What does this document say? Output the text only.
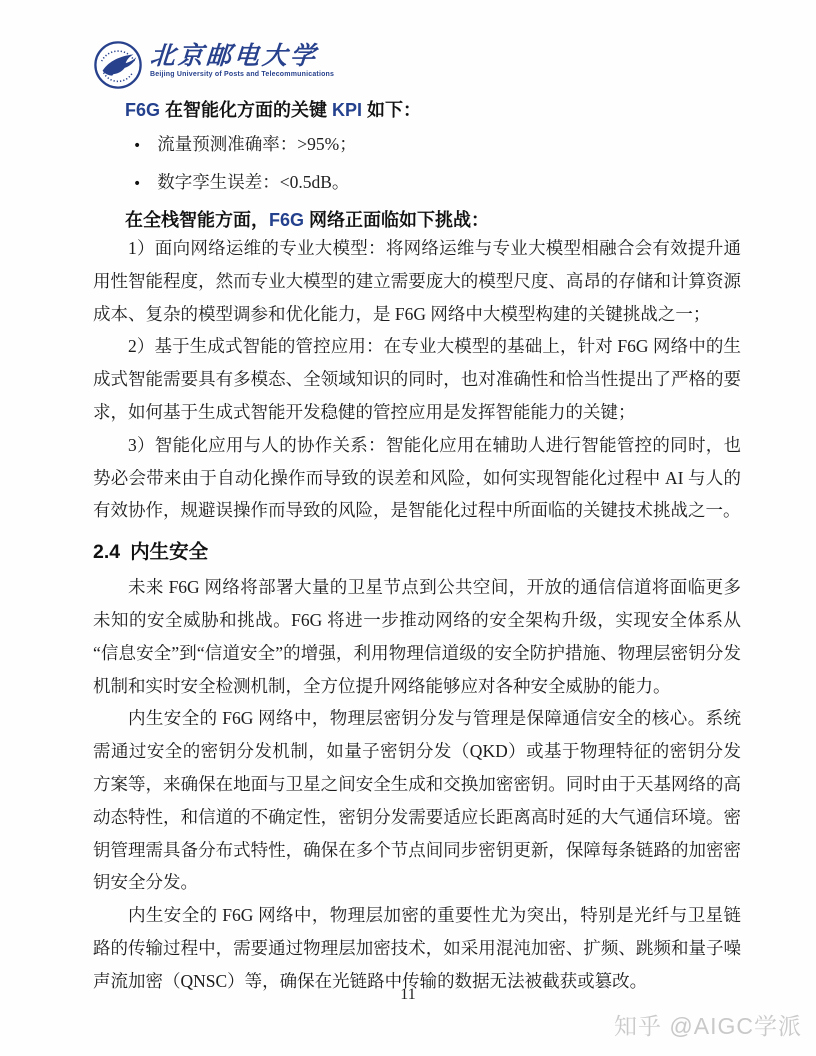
北京邮电大学
Beijing University of Posts and Telecommunications
F6G 在智能化方面的关键 KPI 如下：
• 流量预测准确率：>95%；
• 数字孪生误差：<0.5dB。
在全栈智能方面，F6G 网络正面临如下挑战：

1）面向网络运维的专业大模型：将网络运维与专业大模型相融合会有效提升通用性智能程度，然而专业大模型的建立需要庞大的模型尺度、高昂的存储和计算资源成本、复杂的模型调参和优化能力，是 F6G 网络中大模型构建的关键挑战之一；

2）基于生成式智能的管控应用：在专业大模型的基础上，针对 F6G 网络中的生成式智能需要具有多模态、全领域知识的同时，也对准确性和恰当性提出了严格的要求，如何基于生成式智能开发稳健的管控应用是发挥智能能力的关键；

3）智能化应用与人的协作关系：智能化应用在辅助人进行智能管控的同时，也势必会带来由于自动化操作而导致的误差和风险，如何实现智能化过程中 AI 与人的有效协作，规避误操作而导致的风险，是智能化过程中所面临的关键技术挑战之一。

2.4 内生安全

未来 F6G 网络将部署大量的卫星节点到公共空间，开放的通信信道将面临更多未知的安全威胁和挑战。F6G 将进一步推动网络的安全架构升级，实现安全体系从“信息安全”到“信道安全”的增强，利用物理信道级的安全防护措施、物理层密钥分发机制和实时安全检测机制，全方位提升网络能够应对各种安全威胁的能力。

内生安全的 F6G 网络中，物理层密钥分发与管理是保障通信安全的核心。系统需通过安全的密钥分发机制，如量子密钥分发（QKD）或基于物理特征的密钥分发方案等，来确保在地面与卫星之间安全生成和交换加密密钥。同时由于天基网络的高动态特性，和信道的不确定性，密钥分发需要适应长距离高时延的大气通信环境。密钥管理需具备分布式特性，确保在多个节点间同步密钥更新，保障每条链路的加密密钥安全分发。

内生安全的 F6G 网络中，物理层加密的重要性尤为突出，特别是光纤与卫星链路的传输过程中，需要通过物理层加密技术，如采用混沌加密、扩频、跳频和量子噪声流加密（QNSC）等，确保在光链路中传输的数据无法被截获或篡改。

11
知乎 @AIGC学派
